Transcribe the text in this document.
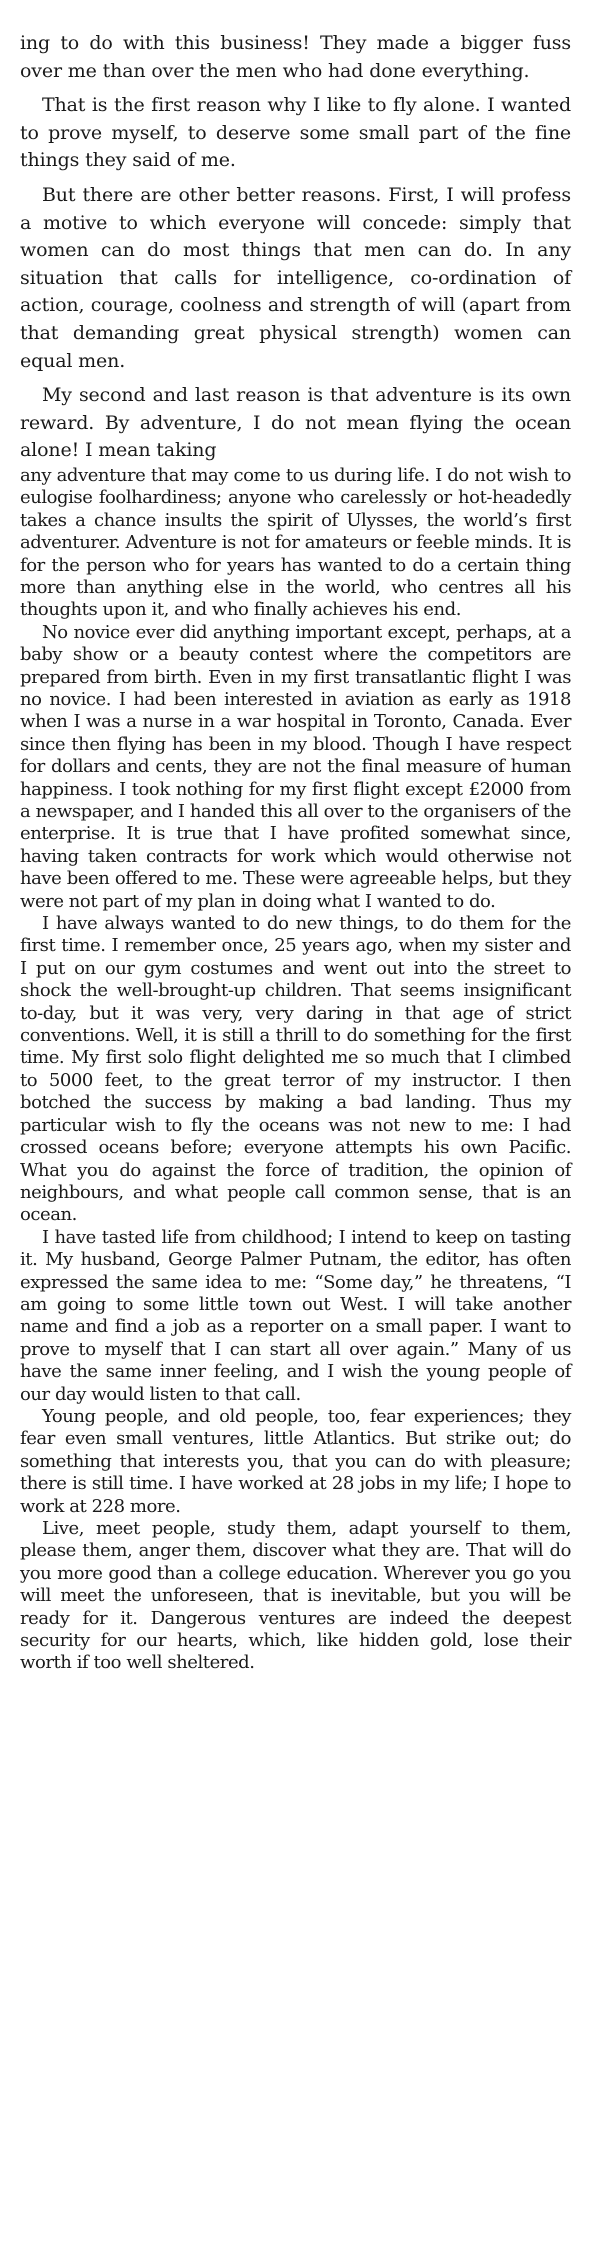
ing to do with this business! They made a bigger fuss over me than over the men who had done everything.

That is the first reason why I like to fly alone. I wanted to prove myself, to deserve some small part of the fine things they said of me.

But there are other better reasons. First, I will profess a motive to which everyone will concede: simply that women can do most things that men can do. In any situation that calls for intelligence, co-ordination of action, courage, coolness and strength of will (apart from that demanding great physical strength) women can equal men.

My second and last reason is that adventure is its own reward. By adventure, I do not mean flying the ocean alone! I mean taking

any adventure that may come to us during life. I do not wish to eulogise foolhardiness; anyone who carelessly or hot-headedly takes a chance insults the spirit of Ulysses, the world’s first adventurer. Adventure is not for amateurs or feeble minds. It is for the person who for years has wanted to do a certain thing more than anything else in the world, who centres all his thoughts upon it, and who finally achieves his end.

No novice ever did anything important except, perhaps, at a baby show or a beauty contest where the competitors are prepared from birth. Even in my first transatlantic flight I was no novice. I had been interested in aviation as early as 1918 when I was a nurse in a war hospital in Toronto, Canada. Ever since then flying has been in my blood. Though I have respect for dollars and cents, they are not the final measure of human happiness. I took nothing for my first flight except £2000 from a newspaper, and I handed this all over to the organisers of the enterprise. It is true that I have profited somewhat since, having taken contracts for work which would otherwise not have been offered to me. These were agreeable helps, but they were not part of my plan in doing what I wanted to do.

I have always wanted to do new things, to do them for the first time. I remember once, 25 years ago, when my sister and I put on our gym costumes and went out into the street to shock the well-brought-up children. That seems insignificant to-day, but it was very, very daring in that age of strict conventions. Well, it is still a thrill to do something for the first time. My first solo flight delighted me so much that I climbed to 5000 feet, to the great terror of my instructor. I then botched the success by making a bad landing. Thus my particular wish to fly the oceans was not new to me: I had crossed oceans before; everyone attempts his own Pacific. What you do against the force of tradition, the opinion of neighbours, and what people call common sense, that is an ocean.

I have tasted life from childhood; I intend to keep on tasting it. My husband, George Palmer Putnam, the editor, has often expressed the same idea to me: “Some day,” he threatens, “I am going to some little town out West. I will take another name and find a job as a reporter on a small paper. I want to prove to myself that I can start all over again.” Many of us have the same inner feeling, and I wish the young people of our day would listen to that call.

Young people, and old people, too, fear experiences; they fear even small ventures, little Atlantics. But strike out; do something that interests you, that you can do with pleasure; there is still time. I have worked at 28 jobs in my life; I hope to work at 228 more.

Live, meet people, study them, adapt yourself to them, please them, anger them, discover what they are. That will do you more good than a college education. Wherever you go you will meet the unforeseen, that is inevitable, but you will be ready for it. Dangerous ventures are indeed the deepest security for our hearts, which, like hidden gold, lose their worth if too well sheltered.
